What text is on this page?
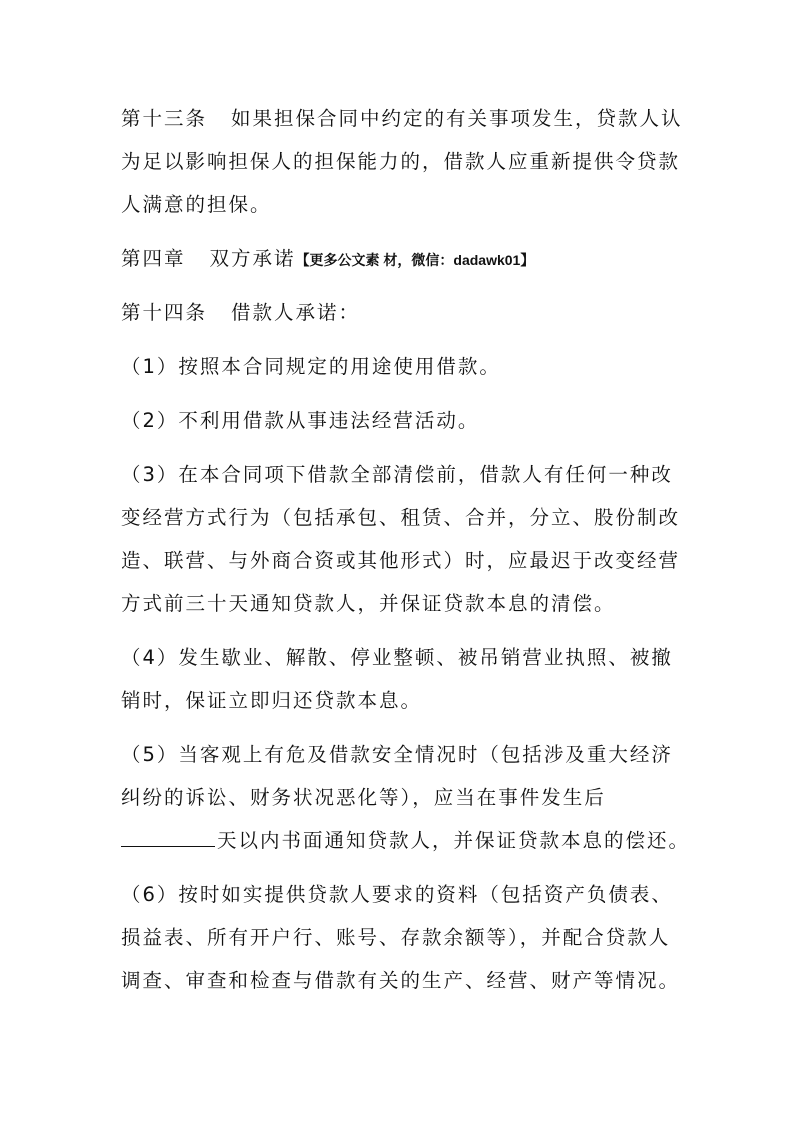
第十三条 如果担保合同中约定的有关事项发生，贷款人认
为足以影响担保人的担保能力的，借款人应重新提供令贷款
人满意的担保。

第四章 双方承诺【更多公文素 材，微信：dadawk01】

第十四条 借款人承诺：

（1）按照本合同规定的用途使用借款。

（2）不利用借款从事违法经营活动。

（3）在本合同项下借款全部清偿前，借款人有任何一种改
变经营方式行为（包括承包、租赁、合并，分立、股份制改
造、联营、与外商合资或其他形式）时，应最迟于改变经营
方式前三十天通知贷款人，并保证贷款本息的清偿。

（4）发生歇业、解散、停业整顿、被吊销营业执照、被撤
销时，保证立即归还贷款本息。

（5）当客观上有危及借款安全情况时（包括涉及重大经济
纠纷的诉讼、财务状况恶化等），应当在事件发生后
天以内书面通知贷款人，并保证贷款本息的偿还。

（6）按时如实提供贷款人要求的资料（包括资产负债表、
损益表、所有开户行、账号、存款余额等），并配合贷款人
调查、审查和检查与借款有关的生产、经营、财产等情况。
